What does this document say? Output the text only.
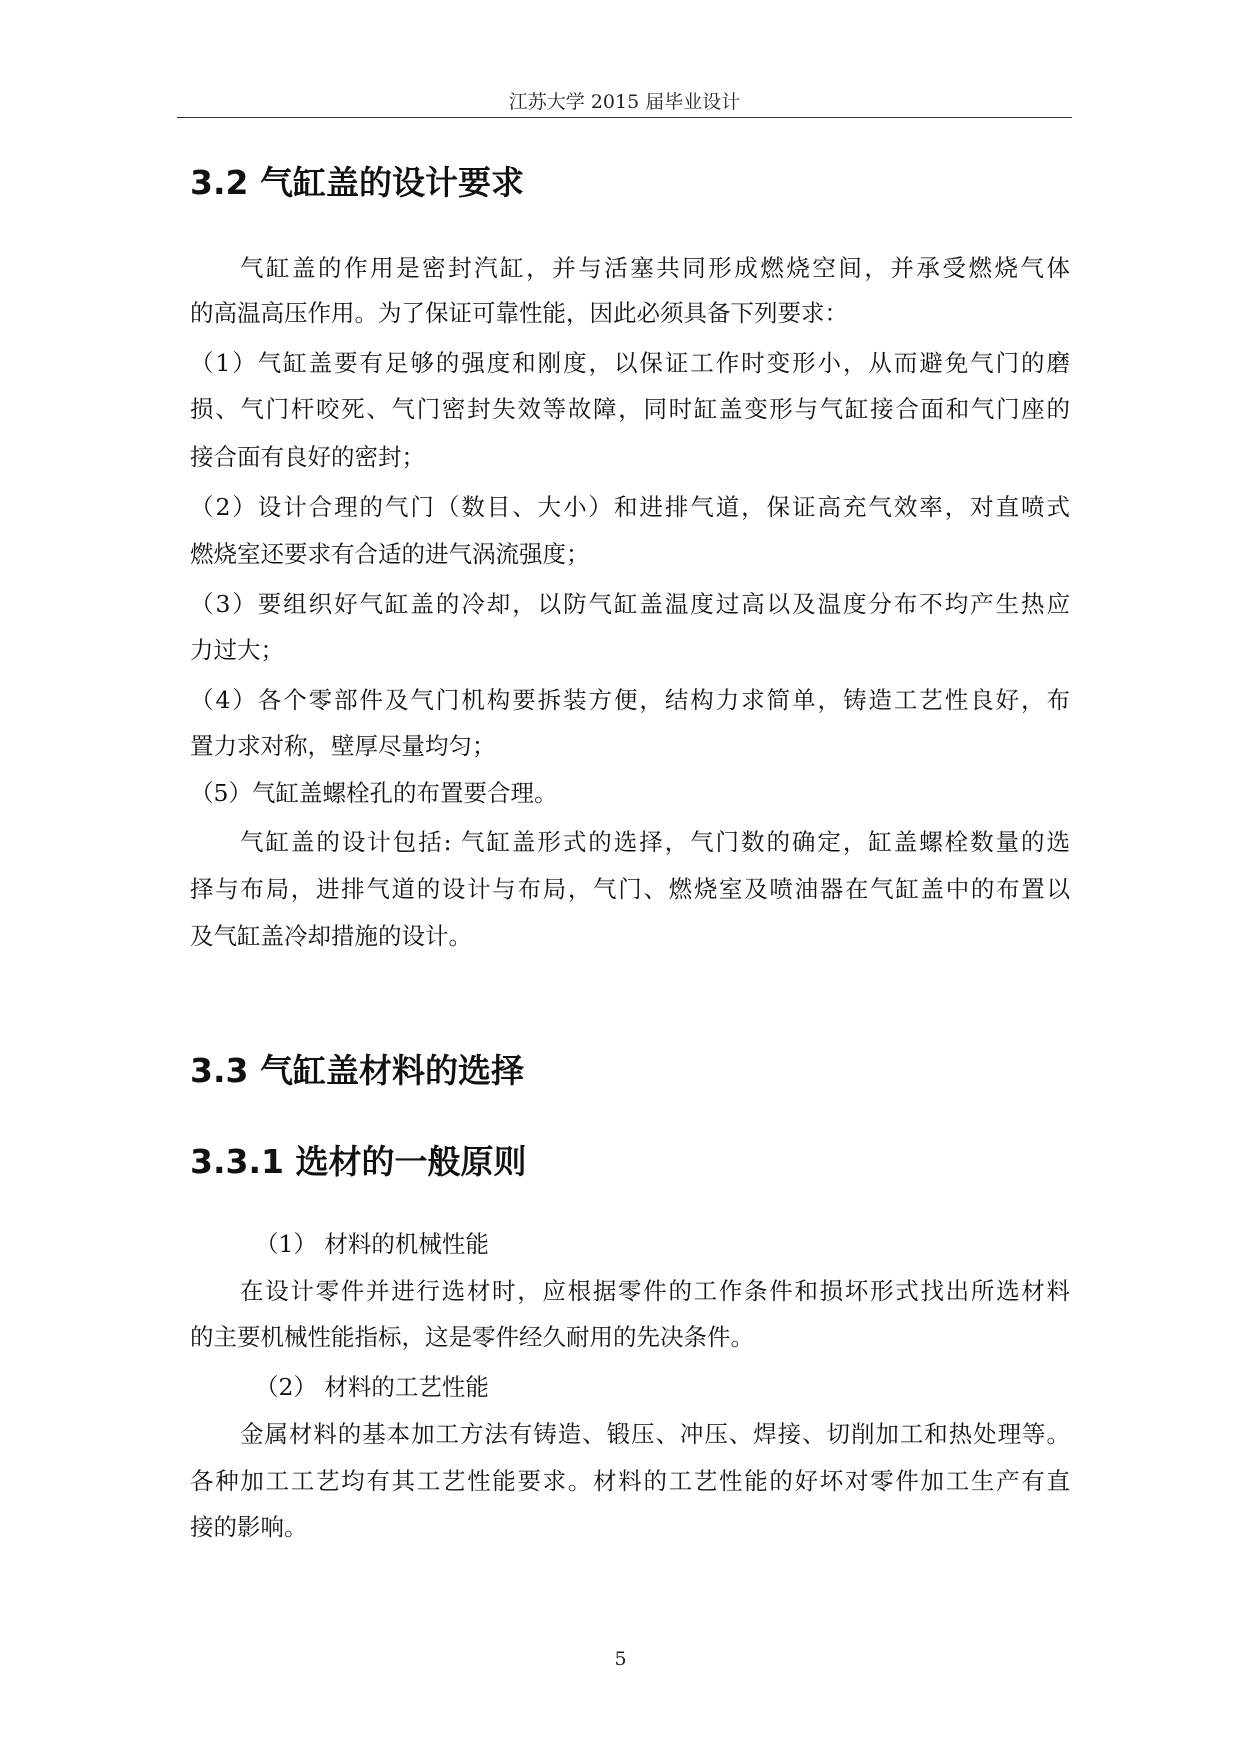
江苏大学 2015 届毕业设计
3.2 气缸盖的设计要求
气缸盖的作用是密封汽缸，并与活塞共同形成燃烧空间，并承受燃烧气体
的高温高压作用。为了保证可靠性能，因此必须具备下列要求：
（1）气缸盖要有足够的强度和刚度，以保证工作时变形小，从而避免气门的磨
损、气门杆咬死、气门密封失效等故障，同时缸盖变形与气缸接合面和气门座的
接合面有良好的密封；
（2）设计合理的气门（数目、大小）和进排气道，保证高充气效率，对直喷式
燃烧室还要求有合适的进气涡流强度；
（3）要组织好气缸盖的冷却，以防气缸盖温度过高以及温度分布不均产生热应
力过大；
（4）各个零部件及气门机构要拆装方便，结构力求简单，铸造工艺性良好，布
置力求对称，壁厚尽量均匀；
（5）气缸盖螺栓孔的布置要合理。
气缸盖的设计包括: 气缸盖形式的选择，气门数的确定，缸盖螺栓数量的选
择与布局，进排气道的设计与布局，气门、燃烧室及喷油器在气缸盖中的布置以
及气缸盖冷却措施的设计。
3.3 气缸盖材料的选择
3.3.1 选材的一般原则
（1） 材料的机械性能
在设计零件并进行选材时，应根据零件的工作条件和损坏形式找出所选材料
的主要机械性能指标，这是零件经久耐用的先决条件。
（2） 材料的工艺性能
金属材料的基本加工方法有铸造、锻压、冲压、焊接、切削加工和热处理等。
各种加工工艺均有其工艺性能要求。材料的工艺性能的好坏对零件加工生产有直
接的影响。
5
